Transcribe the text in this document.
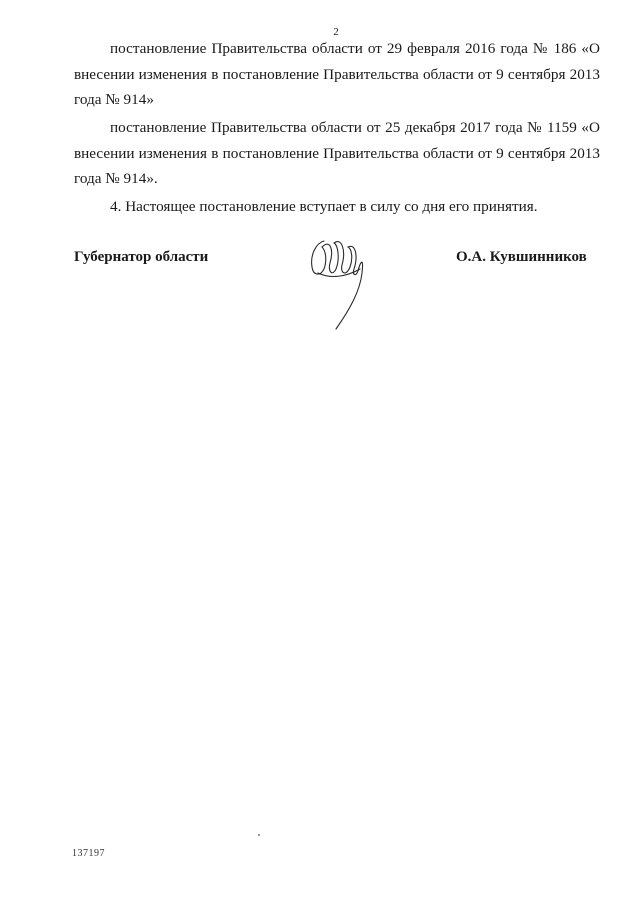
2

постановление Правительства области от 29 февраля 2016 года № 186 «О внесении изменения в постановление Правительства области от 9 сентября 2013 года № 914»

постановление Правительства области от 25 декабря 2017 года № 1159 «О внесении изменения в постановление Правительства области от 9 сентября 2013 года № 914».

4. Настоящее постановление вступает в силу со дня его принятия.

Губернатор области	О.А. Кувшинников
137197
